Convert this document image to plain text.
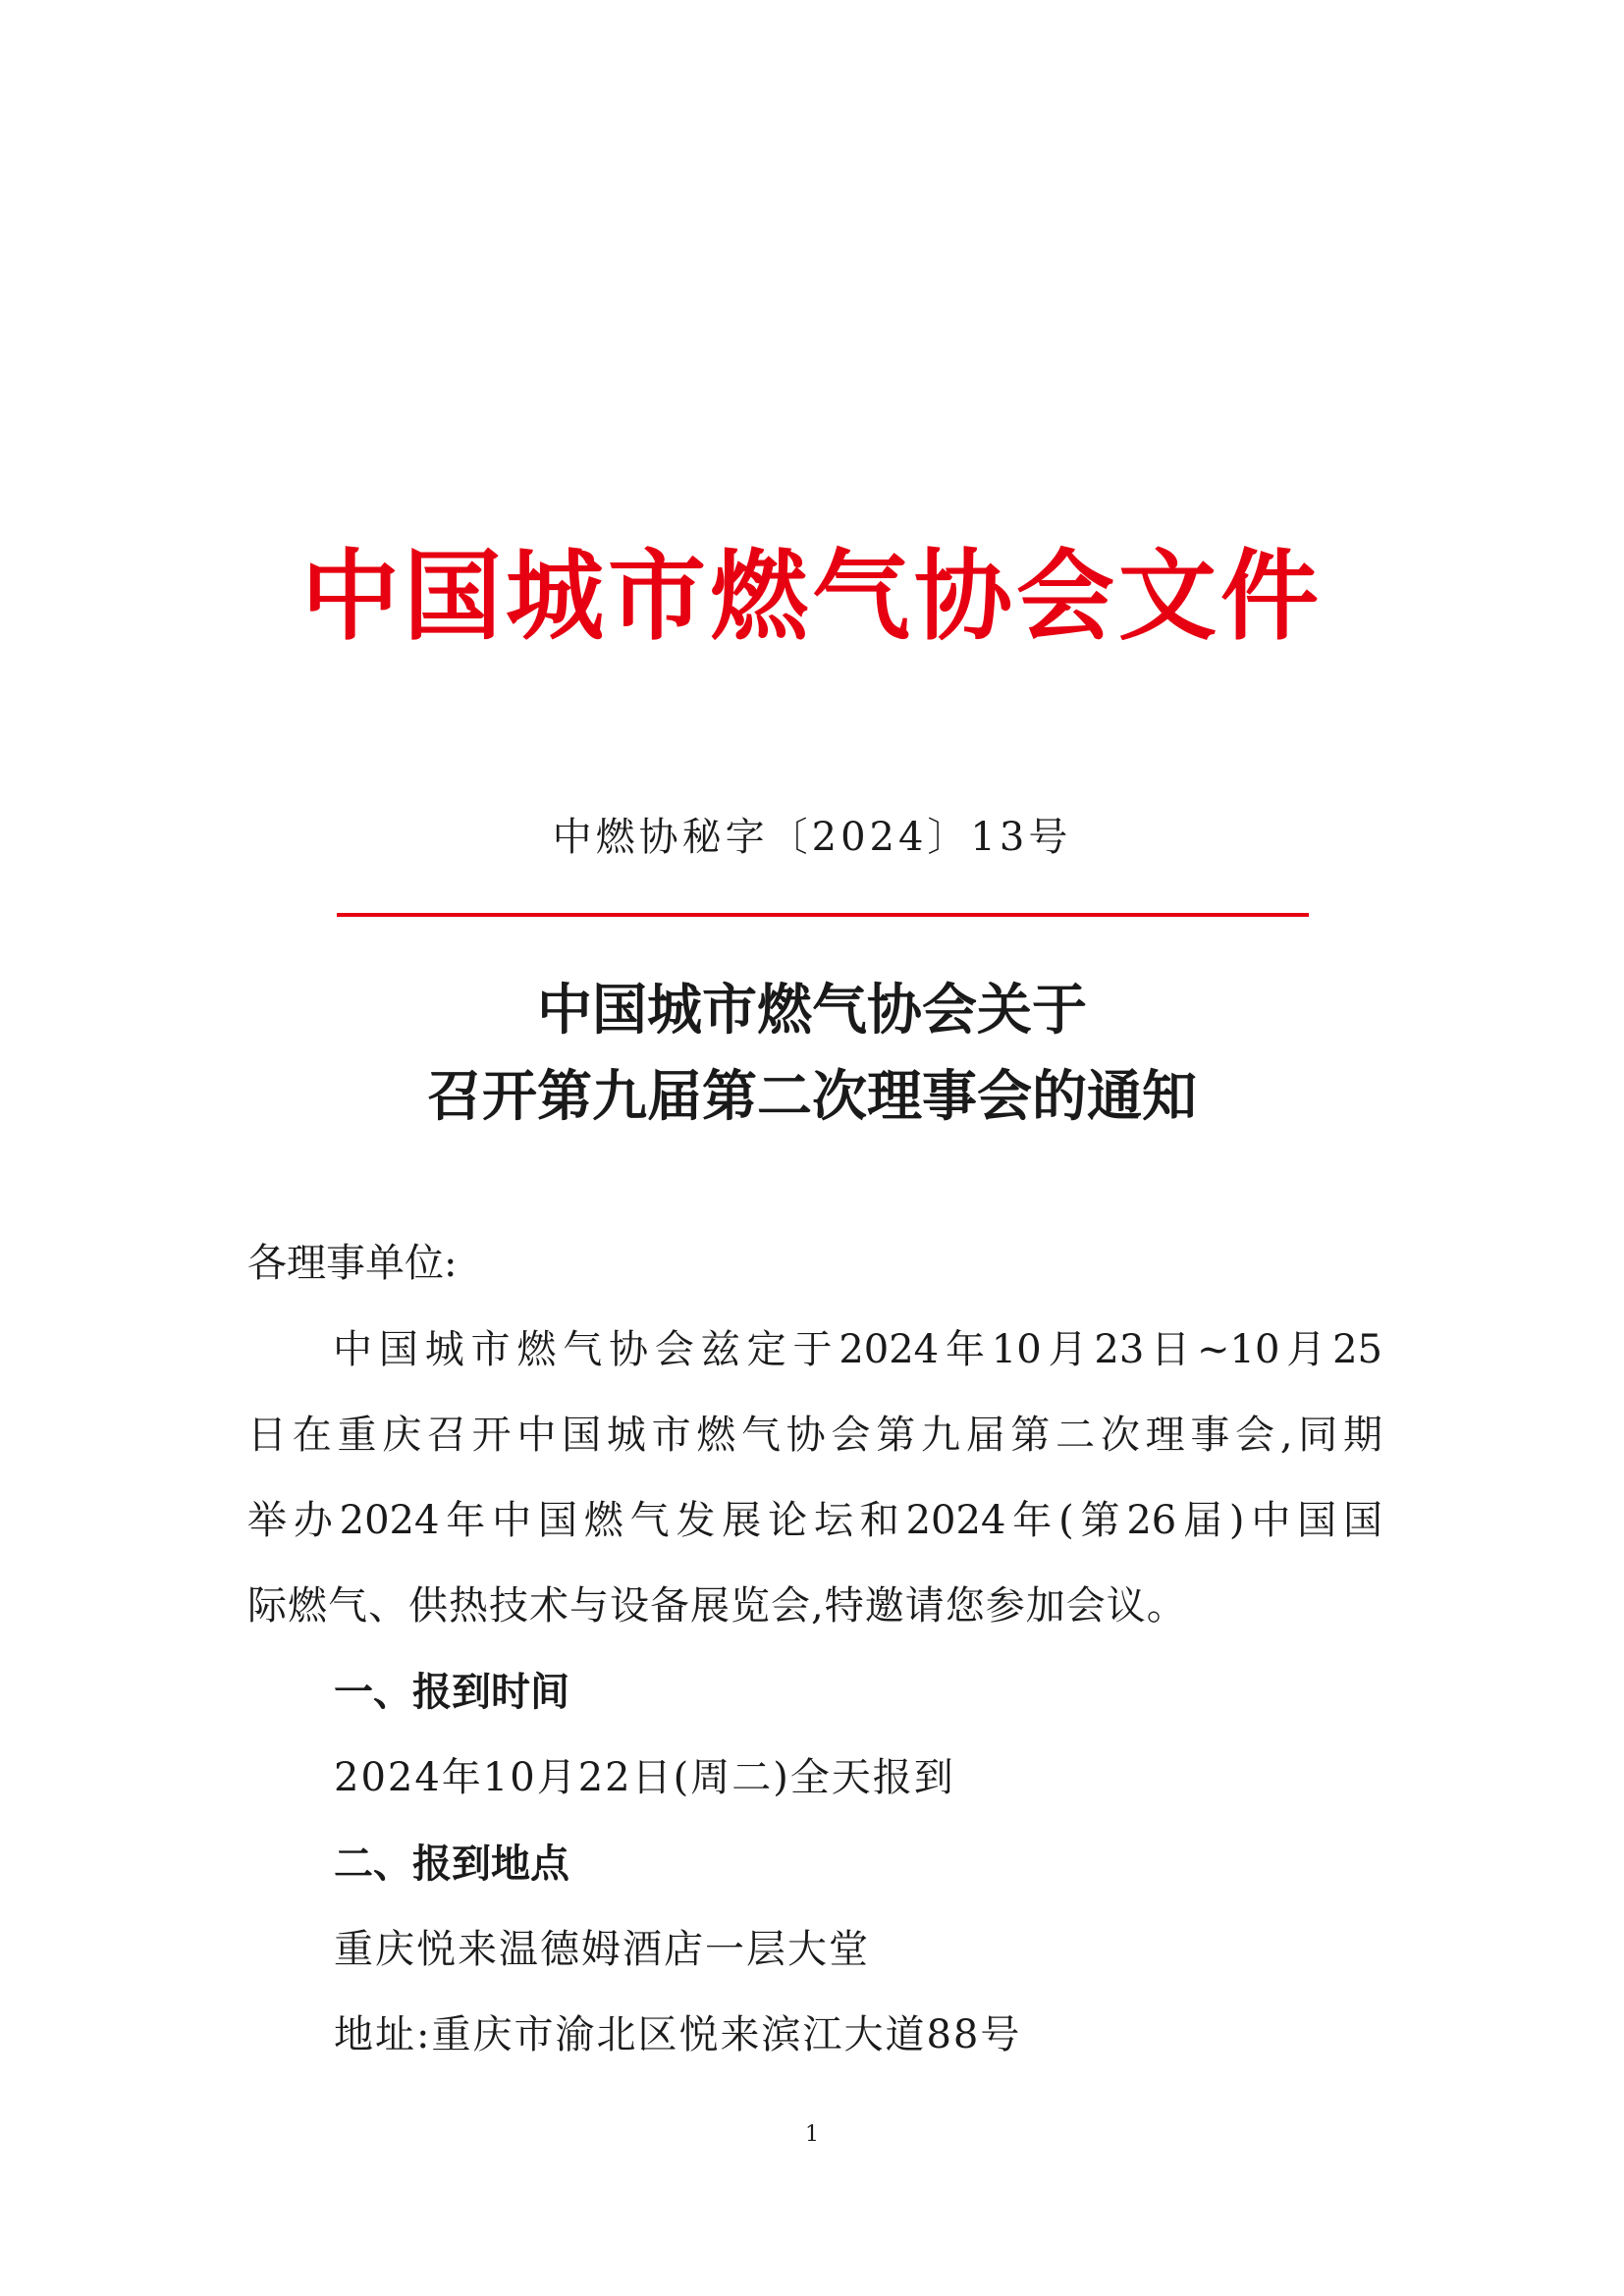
中国城市燃气协会文件
中燃协秘字〔2024〕13号
中国城市燃气协会关于
召开第九届第二次理事会的通知
各理事单位:
中国城市燃气协会兹定于2024年10月23日~10月25
日在重庆召开中国城市燃气协会第九届第二次理事会,同期
举办2024年中国燃气发展论坛和2024年(第26届)中国国
际燃气、供热技术与设备展览会,特邀请您参加会议。
一、报到时间
2024年10月22日(周二)全天报到
二、报到地点
重庆悦来温德姆酒店一层大堂
地址:重庆市渝北区悦来滨江大道88号
1
